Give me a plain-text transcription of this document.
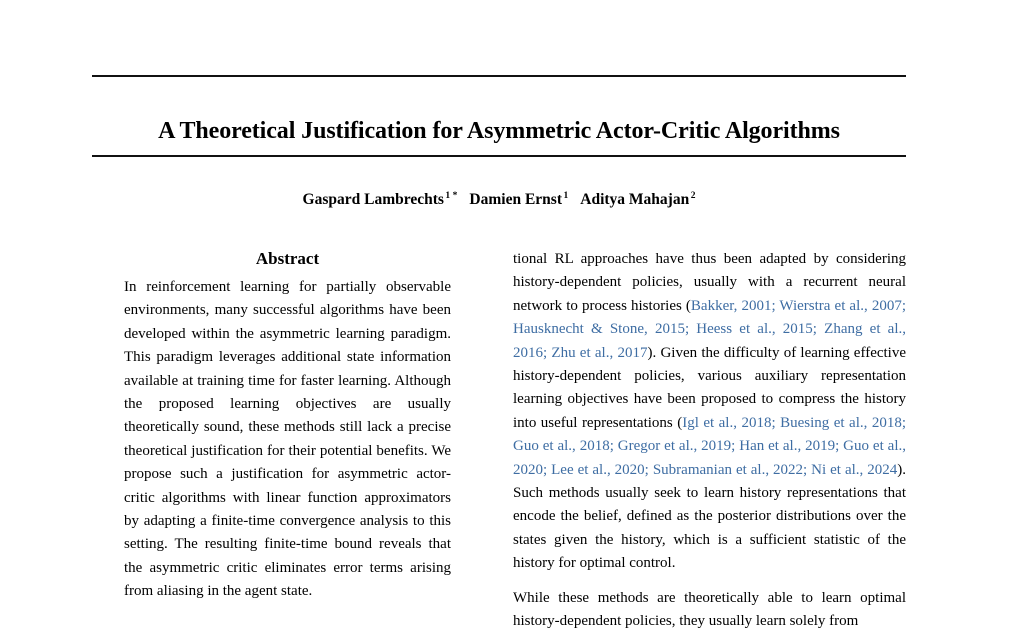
A Theoretical Justification for Asymmetric Actor-Critic Algorithms
Gaspard Lambrechts $^1$ * Damien Ernst $^1$ Aditya Mahajan $^2$
Abstract

In reinforcement learning for partially observable environments, many successful algorithms have been developed within the asymmetric learning paradigm. This paradigm leverages additional state information available at training time for faster learning. Although the proposed learning objectives are usually theoretically sound, these methods still lack a precise theoretical justification for their potential benefits. We propose such a justification for asymmetric actor-critic algorithms with linear function approximators by adapting a finite-time convergence analysis to this setting. The resulting finite-time bound reveals that the asymmetric critic eliminates error terms arising from aliasing in the agent state.

tional RL approaches have thus been adapted by considering history-dependent policies, usually with a recurrent neural network to process histories (Bakker, 2001; Wierstra et al., 2007; Hausknecht & Stone, 2015; Heess et al., 2015; Zhang et al., 2016; Zhu et al., 2017). Given the difficulty of learning effective history-dependent policies, various auxiliary representation learning objectives have been proposed to compress the history into useful representations (Igl et al., 2018; Buesing et al., 2018; Guo et al., 2018; Gregor et al., 2019; Han et al., 2019; Guo et al., 2020; Lee et al., 2020; Subramanian et al., 2022; Ni et al., 2024). Such methods usually seek to learn history representations that encode the belief, defined as the posterior distributions over the states given the history, which is a sufficient statistic of the history for optimal control.

While these methods are theoretically able to learn optimal history-dependent policies, they usually learn solely from
